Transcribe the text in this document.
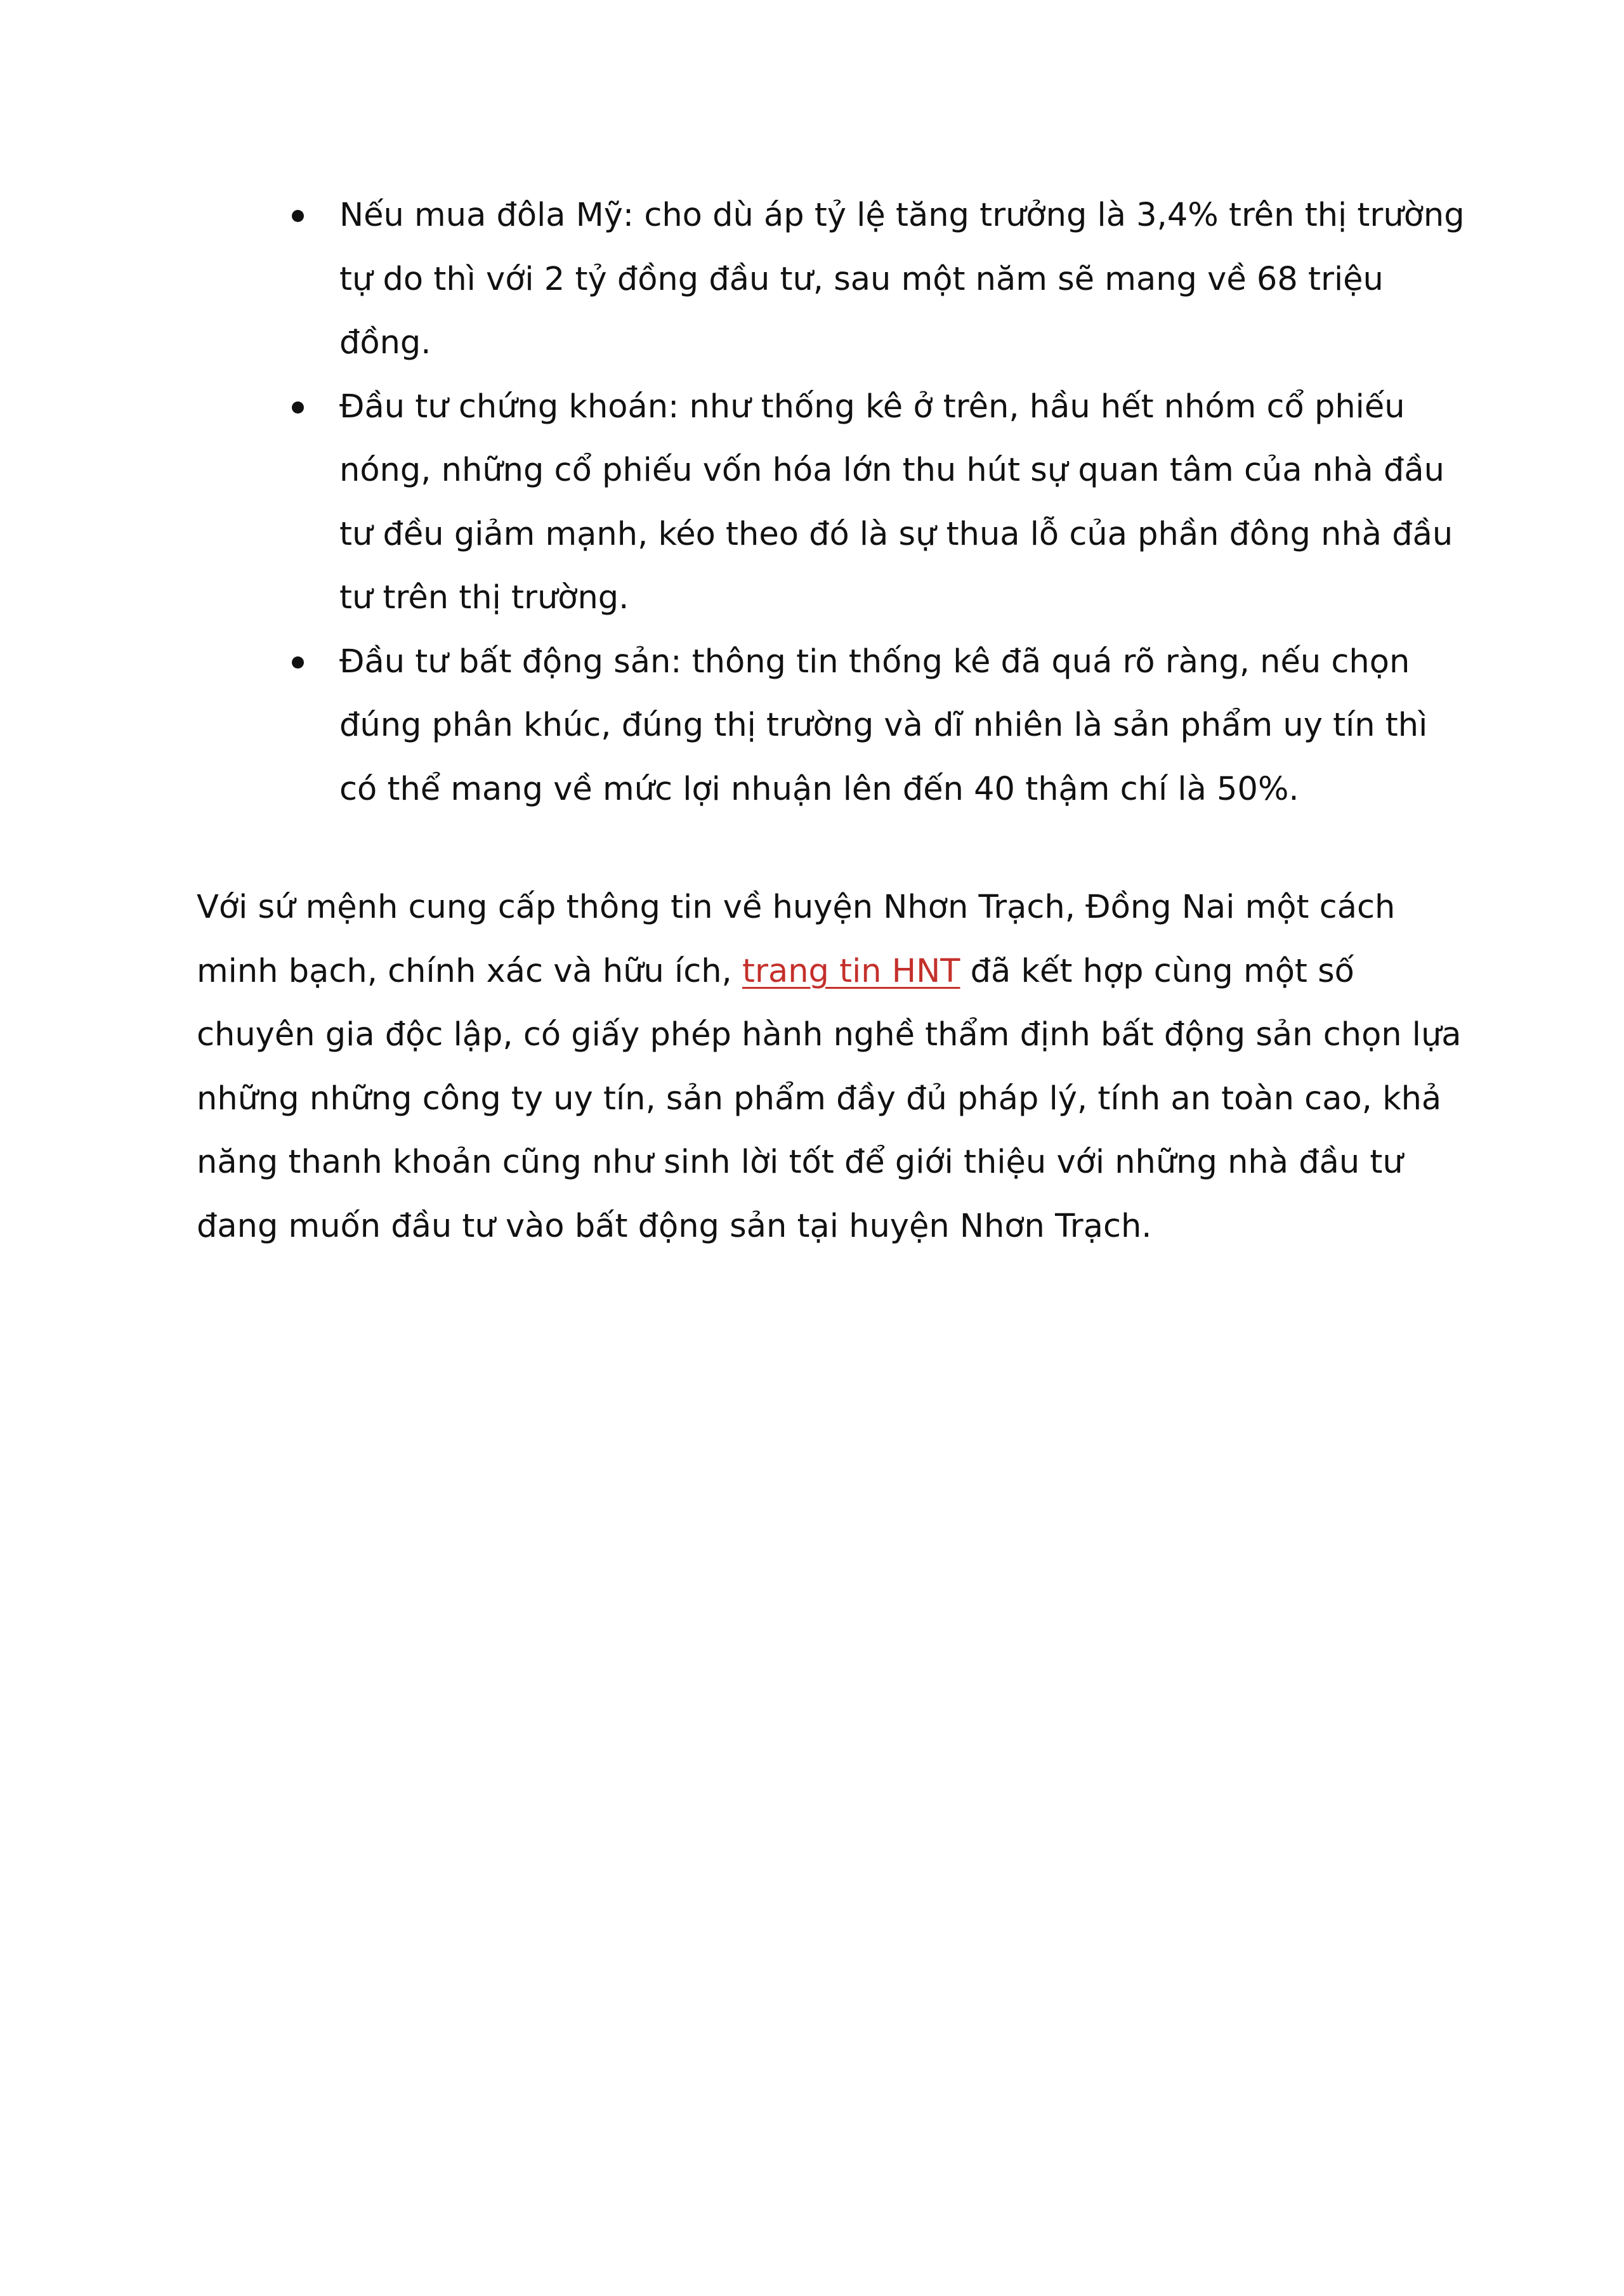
Nếu mua đôla Mỹ: cho dù áp tỷ lệ tăng trưởng là 3,4% trên thị trường tự do thì với 2 tỷ đồng đầu tư, sau một năm sẽ mang về 68 triệu đồng.
Đầu tư chứng khoán: như thống kê ở trên, hầu hết nhóm cổ phiếu nóng, những cổ phiếu vốn hóa lớn thu hút sự quan tâm của nhà đầu tư đều giảm mạnh, kéo theo đó là sự thua lỗ của phần đông nhà đầu tư trên thị trường.
Đầu tư bất động sản: thông tin thống kê đã quá rõ ràng, nếu chọn đúng phân khúc, đúng thị trường và dĩ nhiên là sản phẩm uy tín thì có thể mang về mức lợi nhuận lên đến 40 thậm chí là 50%.

Với sứ mệnh cung cấp thông tin về huyện Nhơn Trạch, Đồng Nai một cách minh bạch, chính xác và hữu ích, trang tin HNT đã kết hợp cùng một số chuyên gia độc lập, có giấy phép hành nghề thẩm định bất động sản chọn lựa những những công ty uy tín, sản phẩm đầy đủ pháp lý, tính an toàn cao, khả năng thanh khoản cũng như sinh lời tốt để giới thiệu với những nhà đầu tư đang muốn đầu tư vào bất động sản tại huyện Nhơn Trạch.
